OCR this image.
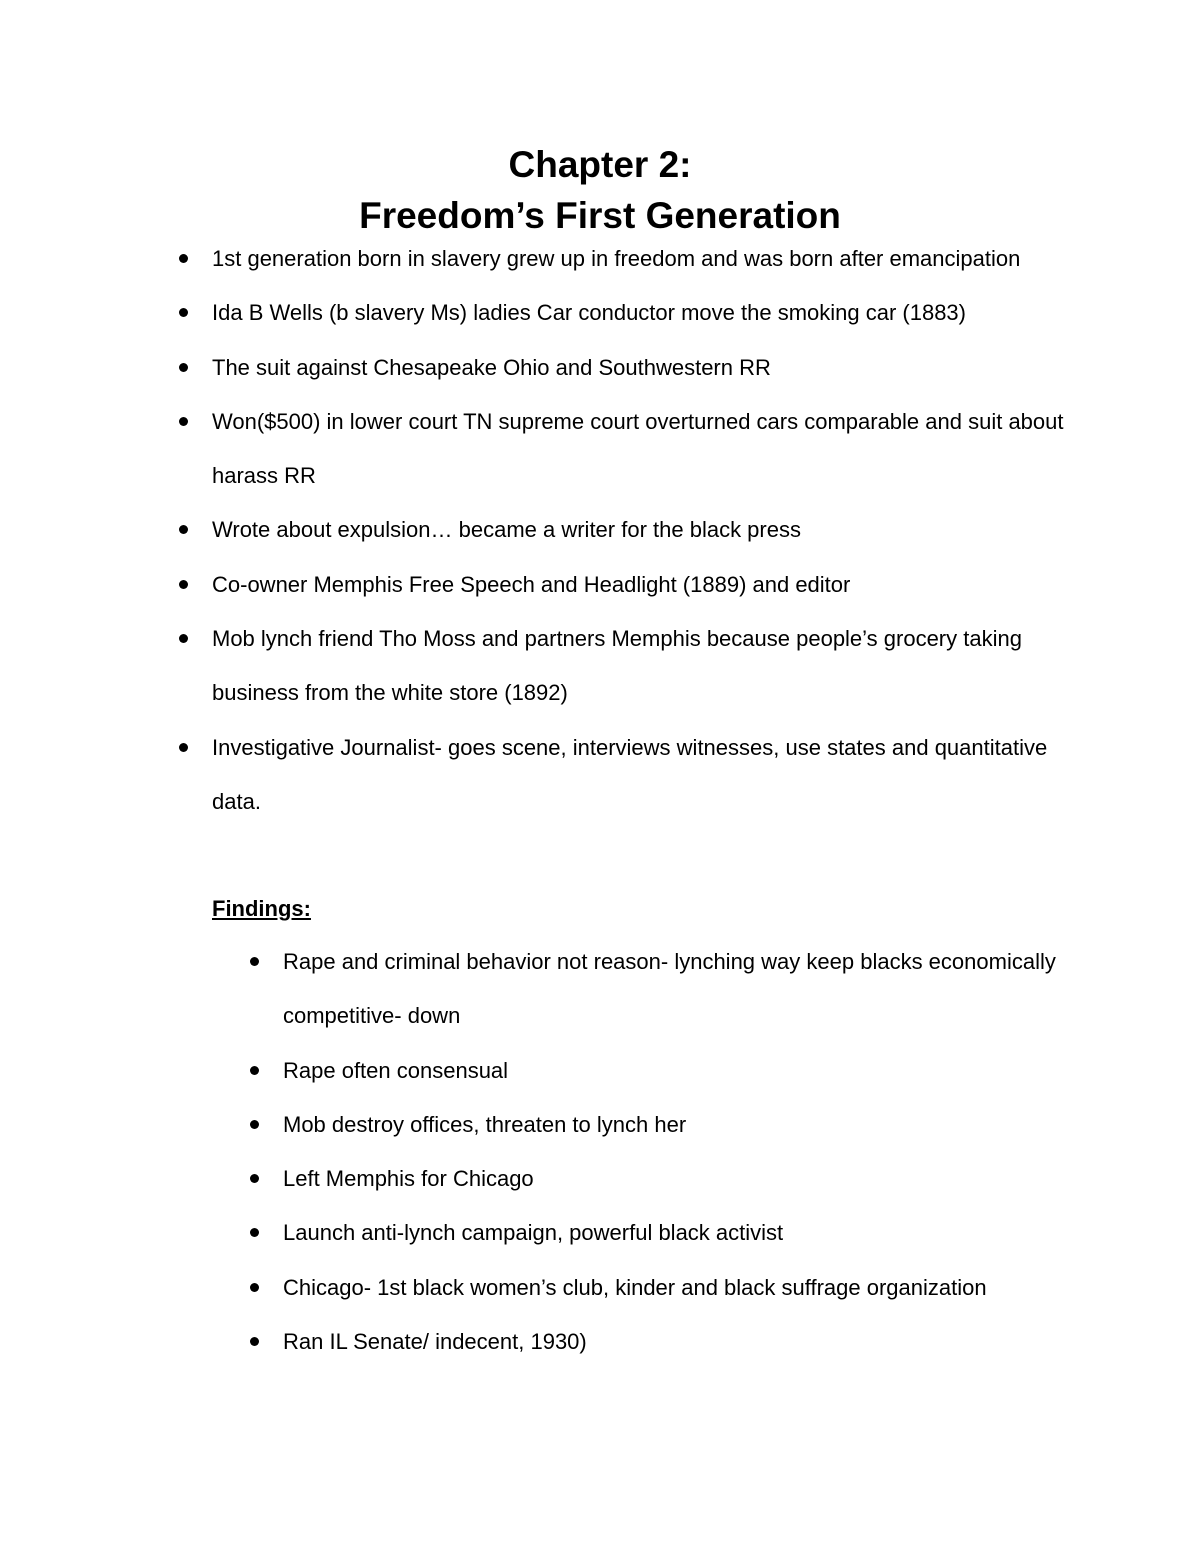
Chapter 2:
Freedom’s First Generation
1st generation born in slavery grew up in freedom and was born after emancipation
Ida B Wells (b slavery Ms) ladies Car conductor move the smoking car (1883)
The suit against Chesapeake Ohio and Southwestern RR
Won($500) in lower court TN supreme court overturned cars comparable and suit about harass RR
Wrote about expulsion… became a writer for the black press
Co-owner Memphis Free Speech and Headlight (1889) and editor
Mob lynch friend Tho Moss and partners Memphis because people’s grocery taking business from the white store (1892)
Investigative Journalist- goes scene, interviews witnesses, use states and quantitative data.
Findings:
Rape and criminal behavior not reason- lynching way keep blacks economically competitive- down
Rape often consensual
Mob destroy offices, threaten to lynch her
Left Memphis for Chicago
Launch anti-lynch campaign, powerful black activist
Chicago- 1st black women’s club, kinder and black suffrage organization
Ran IL Senate/ indecent, 1930)
